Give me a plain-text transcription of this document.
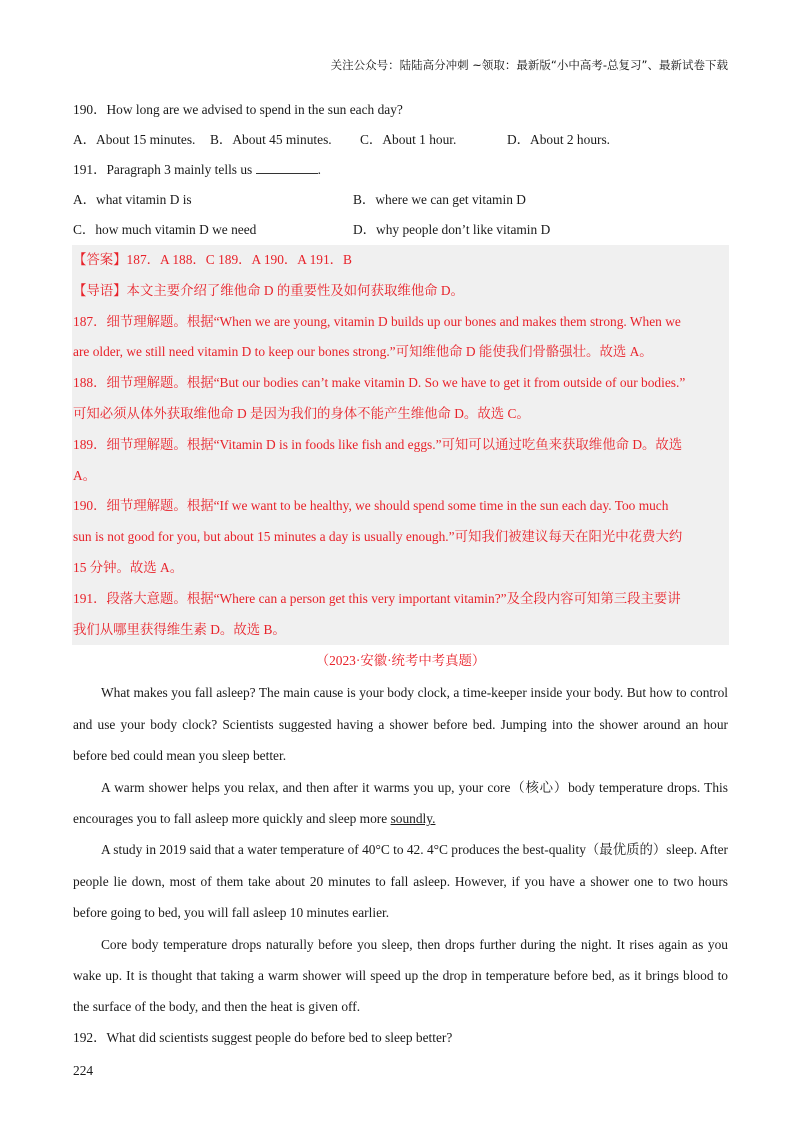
关注公众号：陆陆高分冲刺 ~领取：最新版“小中高考-总复习”、最新试卷下载
190．How long are we advised to spend in the sun each day?
A．About 15 minutes.	B．About 45 minutes.	C．About 1 hour.	D．About 2 hours.
191．Paragraph 3 mainly tells us	.
A．what vitamin D is	B．where we can get vitamin D
C．how much vitamin D we need	D．why people don’t like vitamin D
【答案】187．A 188．C 189．A 190．A 191．B
【导语】本文主要介绍了维他命 D 的重要性及如何获取维他命 D。
187．细节理解题。根据“When we are young, vitamin D builds up our bones and makes them strong. When we
are older, we still need vitamin D to keep our bones strong.”可知维他命 D 能使我们骨骼强壮。故选 A。
188．细节理解题。根据“But our bodies can’t make vitamin D. So we have to get it from outside of our bodies.”
可知必须从体外获取维他命 D 是因为我们的身体不能产生维他命 D。故选 C。
189．细节理解题。根据“Vitamin D is in foods like fish and eggs.”可知可以通过吃鱼来获取维他命 D。故选
A。
190．细节理解题。根据“If we want to be healthy, we should spend some time in the sun each day. Too much
sun is not good for you, but about 15 minutes a day is usually enough.”可知我们被建议每天在阳光中花费大约
15 分钟。故选 A。
191．段落大意题。根据“Where can a person get this very important vitamin?”及全段内容可知第三段主要讲
我们从哪里获得维生素 D。故选 B。
（2023·安徽·统考中考真题）

What makes you fall asleep? The main cause is your body clock, a time-keeper inside your body. But how to control and use your body clock? Scientists suggested having a shower before bed. Jumping into the shower around an hour before bed could mean you sleep better.

A warm shower helps you relax, and then after it warms you up, your core（核心）body temperature drops. This encourages you to fall asleep more quickly and sleep more soundly.

A study in 2019 said that a water temperature of 40°C to 42. 4°C produces the best-quality（最优质的）sleep. After people lie down, most of them take about 20 minutes to fall asleep. However, if you have a shower one to two hours before going to bed, you will fall asleep 10 minutes earlier.

Core body temperature drops naturally before you sleep, then drops further during the night. It rises again as you wake up. It is thought that taking a warm shower will speed up the drop in temperature before bed, as it brings blood to the surface of the body, and then the heat is given off.

192．What did scientists suggest people do before bed to sleep better?
224
